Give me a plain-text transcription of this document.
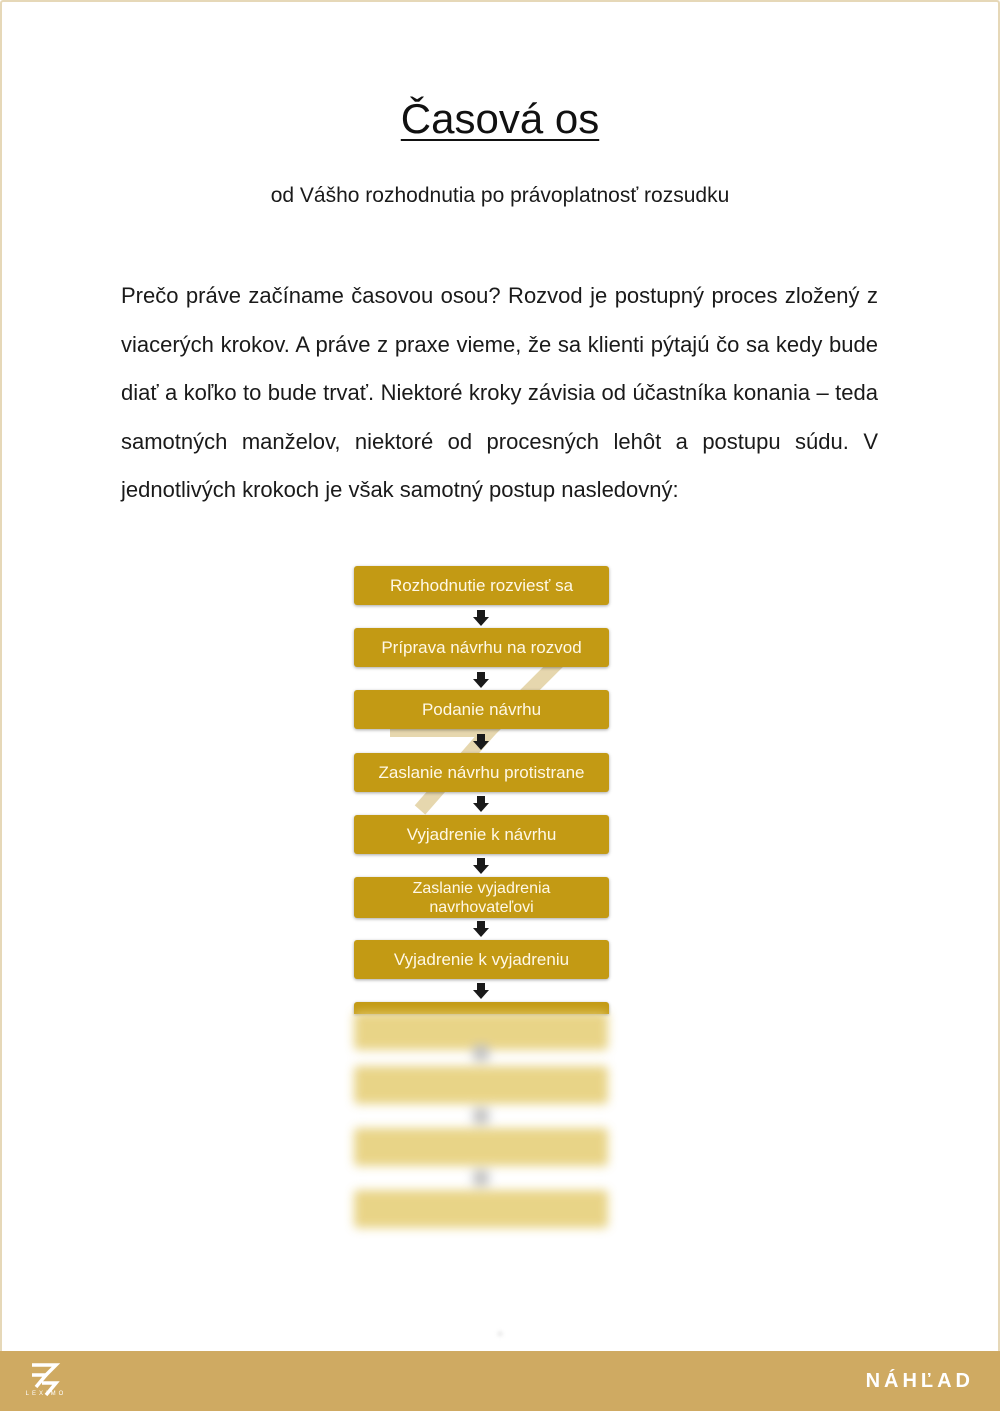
Časová os

od Vášho rozhodnutia po právoplatnosť rozsudku

Prečo práve začíname časovou osou? Rozvod je postupný proces zložený z viacerých krokov. A práve z praxe vieme, že sa klienti pýtajú čo sa kedy bude diať a koľko to bude trvať. Niektoré kroky závisia od účastníka konania – teda samotných manželov, niektoré od procesných lehôt a postupu súdu. V jednotlivých krokoch je však samotný postup nasledovný:

Rozhodnutie rozviesť sa
Príprava návrhu na rozvod
Podanie návrhu
Zaslanie návrhu protistrane
Vyjadrenie k návrhu
Zaslanie vyjadrenia navrhovateľovi
Vyjadrenie k vyjadreniu
•
LEXIMO
NÁHĽAD
